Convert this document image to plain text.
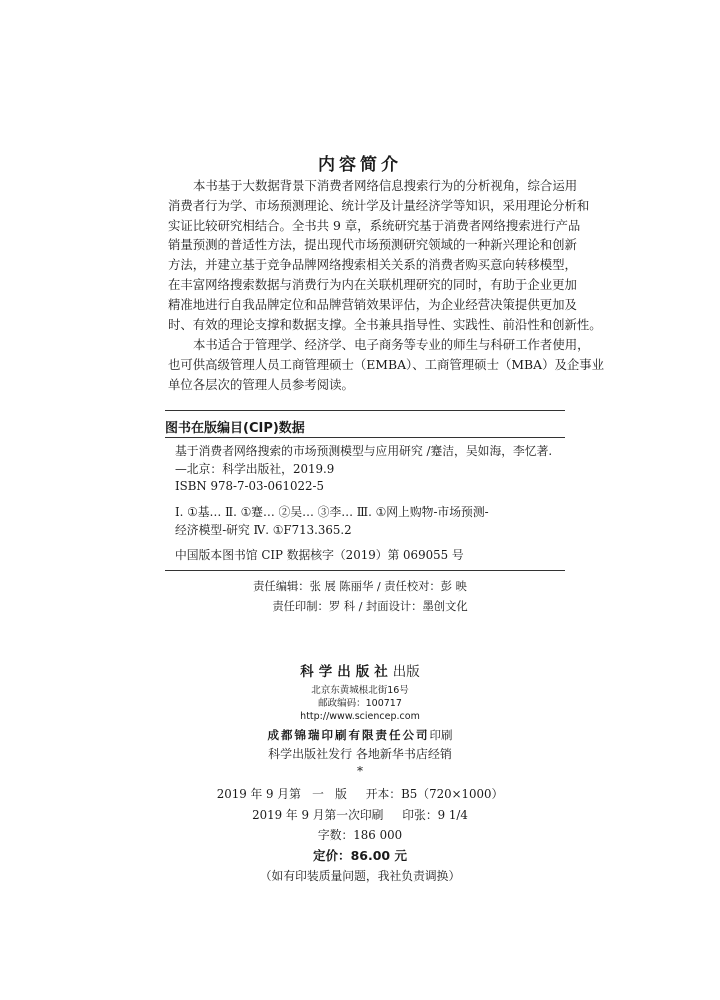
内容简介
本书基于大数据背景下消费者网络信息搜索行为的分析视角，综合运用
消费者行为学、市场预测理论、统计学及计量经济学等知识，采用理论分析和
实证比较研究相结合。全书共 9 章，系统研究基于消费者网络搜索进行产品
销量预测的普适性方法，提出现代市场预测研究领域的一种新兴理论和创新
方法，并建立基于竞争品牌网络搜索相关关系的消费者购买意向转移模型，
在丰富网络搜索数据与消费行为内在关联机理研究的同时，有助于企业更加
精准地进行自我品牌定位和品牌营销效果评估，为企业经营决策提供更加及
时、有效的理论支撑和数据支撑。全书兼具指导性、实践性、前沿性和创新性。
本书适合于管理学、经济学、电子商务等专业的师生与科研工作者使用，
也可供高级管理人员工商管理硕士（EMBA）、工商管理硕士（MBA）及企事业
单位各层次的管理人员参考阅读。
图书在版编目(CIP)数据
基于消费者网络搜索的市场预测模型与应用研究 /蹇洁，吴如海，李忆著.
—北京：科学出版社，2019.9
ISBN 978-7-03-061022-5
Ⅰ. ①基… Ⅱ. ①蹇… ②吴… ③李… Ⅲ. ①网上购物-市场预测-
经济模型-研究 Ⅳ. ①F713.365.2
中国版本图书馆 CIP 数据核字（2019）第 069055 号
责任编辑：张 展 陈丽华 / 责任校对：彭 映
责任印制：罗 科 / 封面设计：墨创文化
科学出版社出版
北京东黄城根北街16号
邮政编码：100717
http://www.sciencep.com
成都锦瑞印刷有限责任公司印刷
科学出版社发行 各地新华书店经销
*
2019 年 9 月第   一   版     开本：B5（720×1000）
2019 年 9 月第一次印刷     印张：9 1/4
字数：186 000
定价：86.00 元
（如有印装质量问题，我社负责调换）
